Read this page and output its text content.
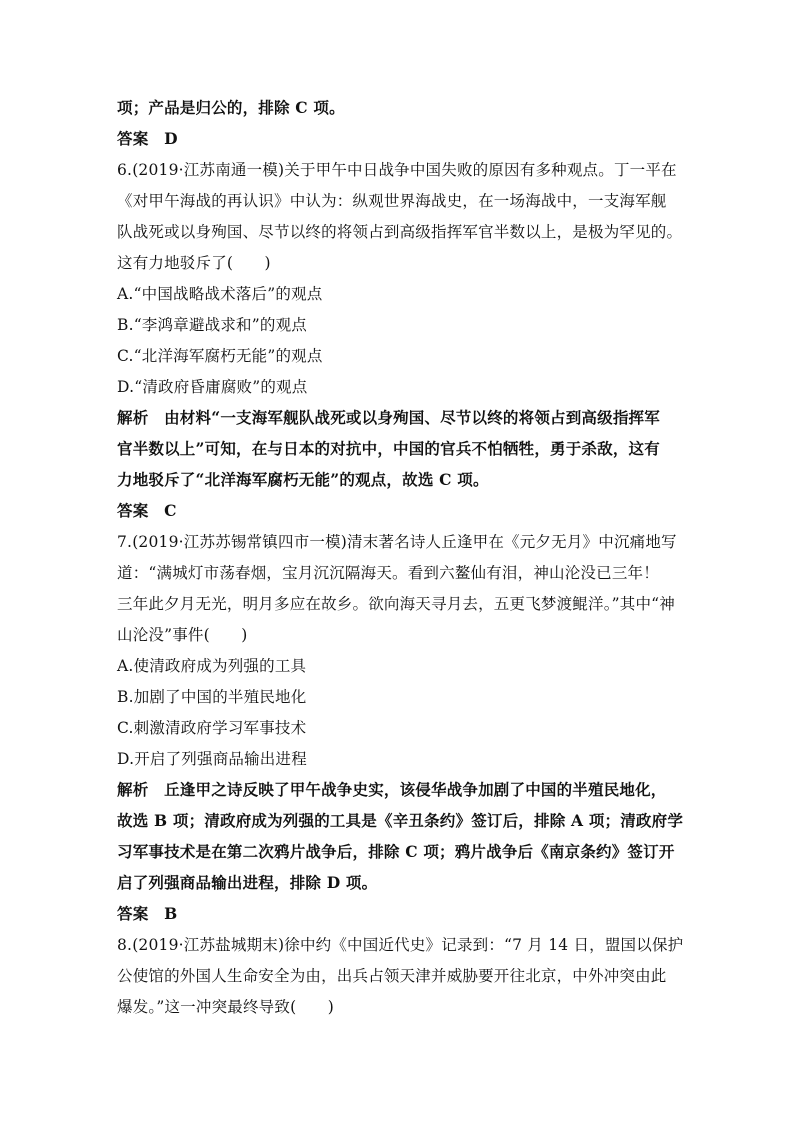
项；产品是归公的，排除 C 项。
答案　D
6.(2019·江苏南通一模)关于甲午中日战争中国失败的原因有多种观点。丁一平在
《对甲午海战的再认识》中认为：纵观世界海战史，在一场海战中，一支海军舰
队战死或以身殉国、尽节以终的将领占到高级指挥军官半数以上，是极为罕见的。
这有力地驳斥了(　　)
A.“中国战略战术落后”的观点
B.“李鸿章避战求和”的观点
C.“北洋海军腐朽无能”的观点
D.“清政府昏庸腐败”的观点
解析　由材料“一支海军舰队战死或以身殉国、尽节以终的将领占到高级指挥军
官半数以上”可知，在与日本的对抗中，中国的官兵不怕牺牲，勇于杀敌，这有
力地驳斥了“北洋海军腐朽无能”的观点，故选 C 项。
答案　C
7.(2019·江苏苏锡常镇四市一模)清末著名诗人丘逢甲在《元夕无月》中沉痛地写
道：“满城灯市荡春烟，宝月沉沉隔海天。看到六鳌仙有泪，神山沦没已三年！
三年此夕月无光，明月多应在故乡。欲向海天寻月去，五更飞梦渡鲲洋。”其中“神
山沦没”事件(　　)
A.使清政府成为列强的工具
B.加剧了中国的半殖民地化
C.刺激清政府学习军事技术
D.开启了列强商品输出进程
解析　丘逢甲之诗反映了甲午战争史实，该侵华战争加剧了中国的半殖民地化，
故选 B 项；清政府成为列强的工具是《辛丑条约》签订后，排除 A 项；清政府学
习军事技术是在第二次鸦片战争后，排除 C 项；鸦片战争后《南京条约》签订开
启了列强商品输出进程，排除 D 项。
答案　B
8.(2019·江苏盐城期末)徐中约《中国近代史》记录到：“7 月 14 日，盟国以保护
公使馆的外国人生命安全为由，出兵占领天津并威胁要开往北京，中外冲突由此
爆发。”这一冲突最终导致(　　)
